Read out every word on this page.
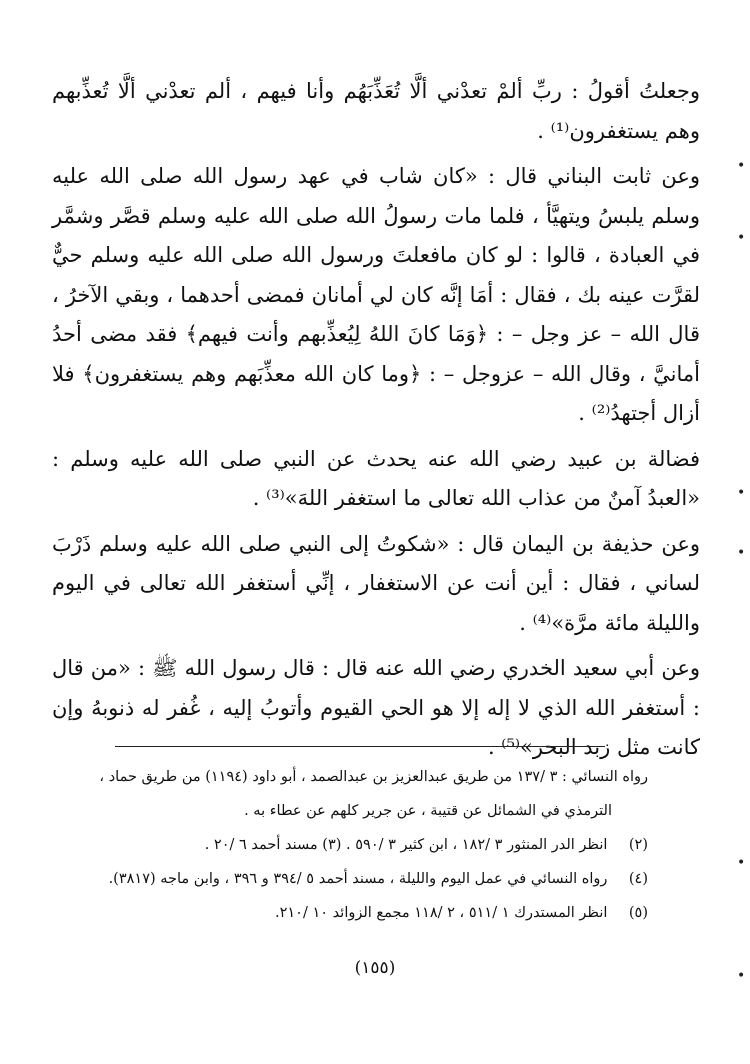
وجعلتُ أقولُ : ربِّ ألمْ تعدْني ألَّا تُعَذِّبَهُم وأنا فيهم ، ألم تعدْني ألَّا تُعذِّبهم وهم يستغفرون⁽¹⁾ .

وعن ثابت البناني قال : «كان شاب في عهد رسول الله صلى الله عليه وسلم يلبسُ ويتهيَّأ ، فلما مات رسولُ الله صلى الله عليه وسلم قصَّر وشمَّر في العبادة ، قالوا : لو كان مافعلتَ ورسول الله صلى الله عليه وسلم حيٌّ لقرَّت عينه بك ، فقال : أمَا إنَّه كان لي أمانان فمضى أحدهما ، وبقي الآخرُ ، قال الله – عز وجل – : ﴿وَمَا كانَ اللهُ لِيُعذِّبهم وأنت فيهم﴾ فقد مضى أحدُ أمانيَّ ، وقال الله – عزوجل – : ﴿وما كان الله معذِّبَهم وهم يستغفرون﴾ فلا أزال أجتهدُ⁽²⁾ .

فضالة بن عبيد رضي الله عنه يحدث عن النبي صلى الله عليه وسلم : «العبدُ آمنٌ من عذاب الله تعالى ما استغفر اللهَ»⁽³⁾ .

وعن حذيفة بن اليمان قال : «شكوتُ إلى النبي صلى الله عليه وسلم ذَرْبَ لساني ، فقال : أين أنت عن الاستغفار ، إنِّي أستغفر الله تعالى في اليوم والليلة مائة مرَّة»⁽⁴⁾ .

وعن أبي سعيد الخدري رضي الله عنه قال : قال رسول الله ﷺ : «من قال : أستغفر الله الذي لا إله إلا هو الحي القيوم وأتوبُ إليه ، غُفر له ذنوبهُ وإن كانت مثل زبد البحر»⁽⁵⁾ .

رواه النسائي : ٣ /١٣٧ من طريق عبدالعزيز بن عبدالصمد ، أبو داود (١١٩٤) من طريق حماد ،

الترمذي في الشمائل عن قتيبة ، عن جرير كلهم عن عطاء به .

(٢) انظر الدر المنثور ٣ /١٨٢ ، ابن كثير ٣ /٥٩٠ . (٣) مسند أحمد ٦ /٢٠ .

(٤) رواه النسائي في عمل اليوم والليلة ، مسند أحمد ٥ /٣٩٤ و ٣٩٦ ، وابن ماجه (٣٨١٧).

(٥) انظر المستدرك ١ /٥١١ ، ٢ /١١٨ مجمع الزوائد ١٠ /٢١٠.

(١٥٥)
•
•
•
•
•
•
